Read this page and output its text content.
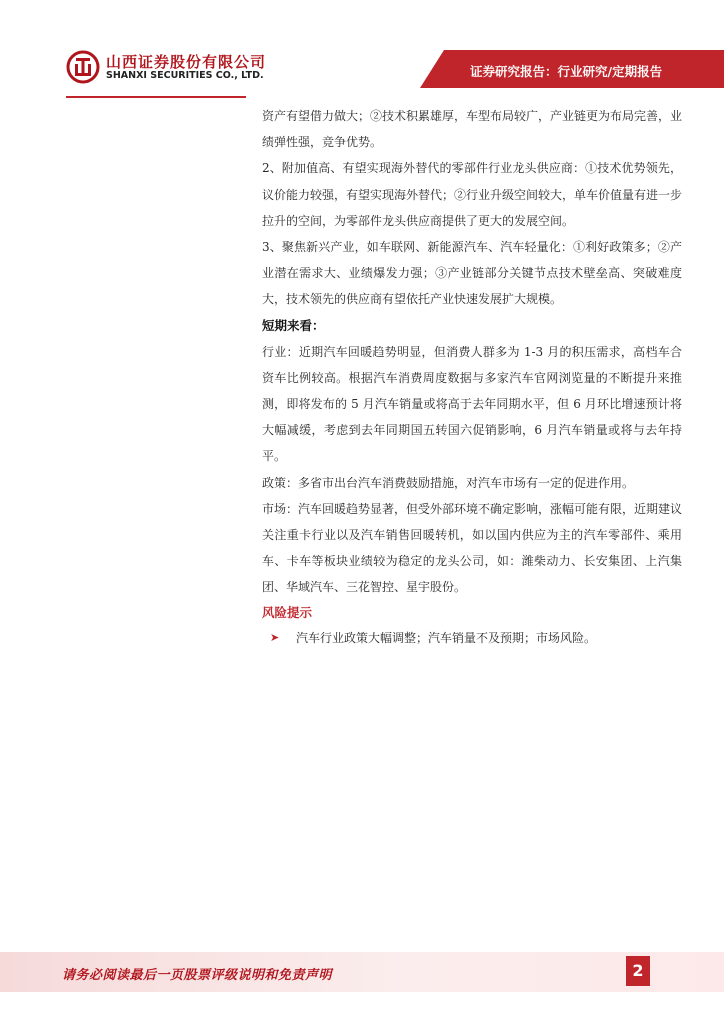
山西证券股份有限公司
SHANXI SECURITIES CO., LTD.	证券研究报告：行业研究/定期报告

资产有望借力做大；②技术积累雄厚，车型布局较广，产业链更为布局完善，业绩弹性强，竞争优势。

2、附加值高、有望实现海外替代的零部件行业龙头供应商：①技术优势领先，议价能力较强，有望实现海外替代；②行业升级空间较大，单车价值量有进一步拉升的空间，为零部件龙头供应商提供了更大的发展空间。

3、聚焦新兴产业，如车联网、新能源汽车、汽车轻量化：①利好政策多；②产业潜在需求大、业绩爆发力强；③产业链部分关键节点技术壁垒高、突破难度大，技术领先的供应商有望依托产业快速发展扩大规模。

短期来看：

行业：近期汽车回暖趋势明显，但消费人群多为 1-3 月的积压需求，高档车合资车比例较高。根据汽车消费周度数据与多家汽车官网浏览量的不断提升来推测，即将发布的 5 月汽车销量或将高于去年同期水平，但 6 月环比增速预计将大幅减缓，考虑到去年同期国五转国六促销影响，6 月汽车销量或将与去年持平。

政策：多省市出台汽车消费鼓励措施，对汽车市场有一定的促进作用。

市场：汽车回暖趋势显著，但受外部环境不确定影响，涨幅可能有限，近期建议关注重卡行业以及汽车销售回暖转机，如以国内供应为主的汽车零部件、乘用车、卡车等板块业绩较为稳定的龙头公司，如：潍柴动力、长安集团、上汽集团、华域汽车、三花智控、星宇股份。

风险提示

➤	汽车行业政策大幅调整；汽车销量不及预期；市场风险。
请务必阅读最后一页股票评级说明和免责声明	2
